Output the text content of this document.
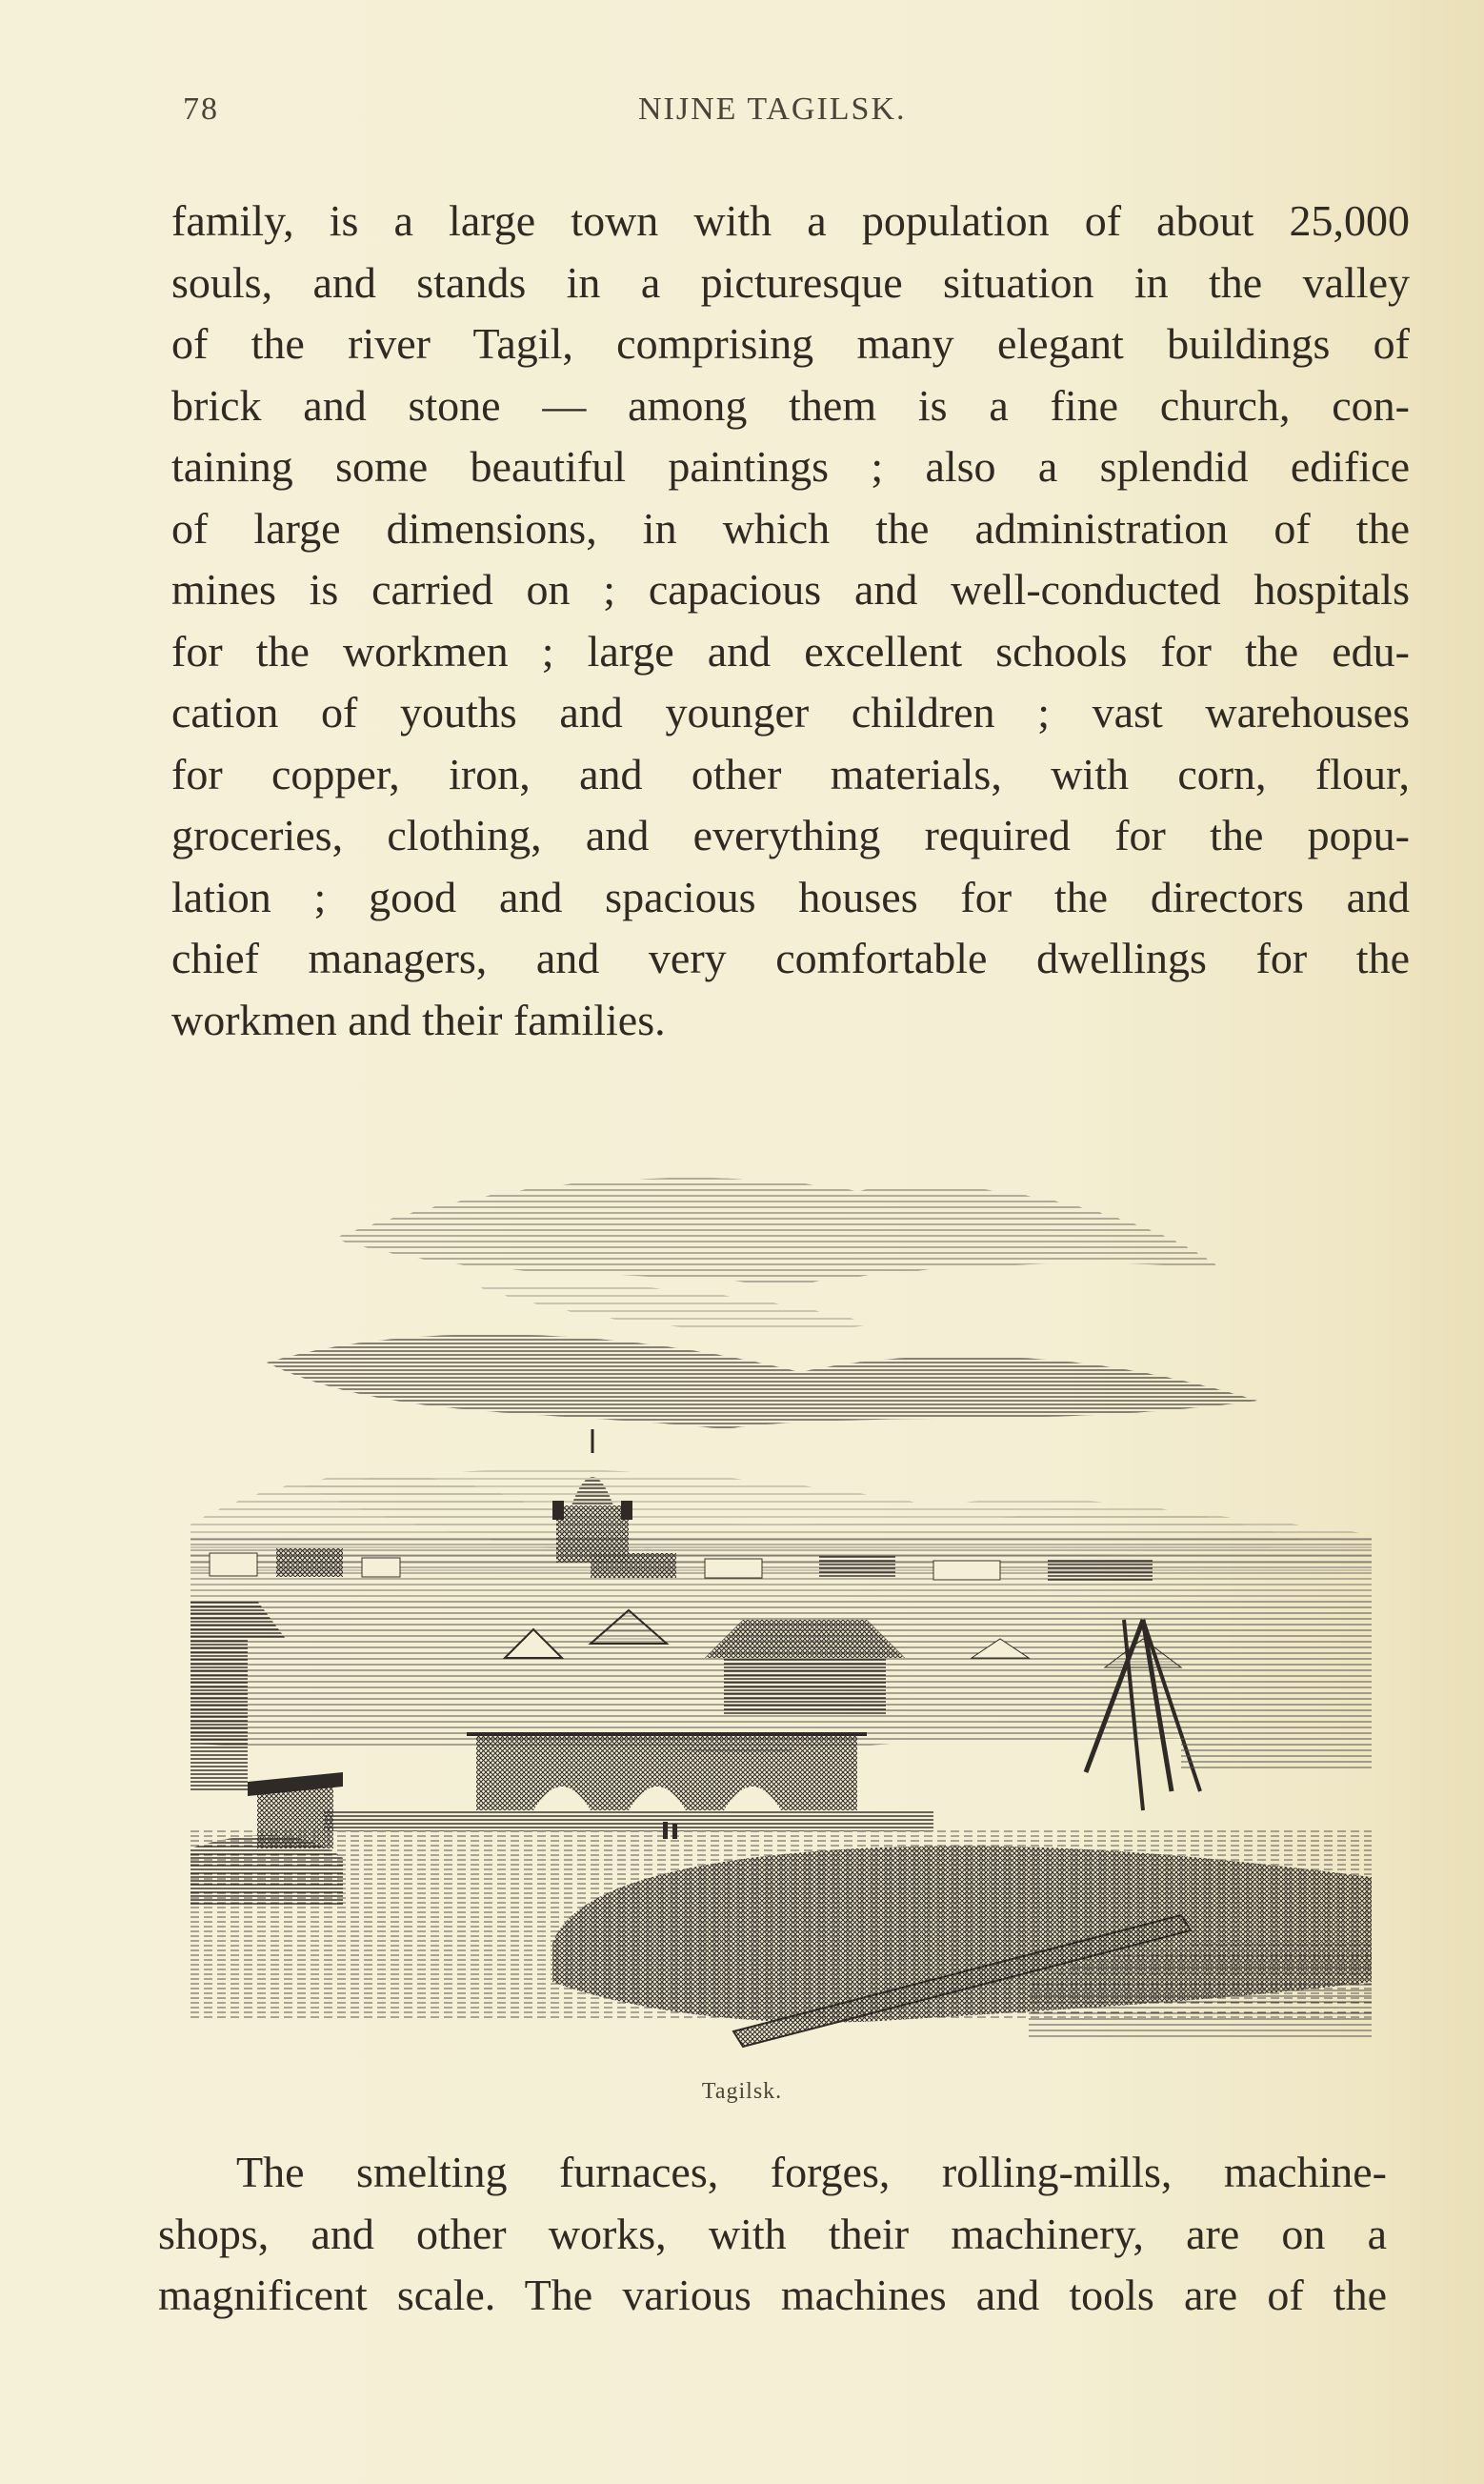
78	NIJNE TAGILSK.
family, is a large town with a population of about 25,000
souls, and stands in a picturesque situation in the valley
of the river Tagil, comprising many elegant buildings of
brick and stone — among them is a fine church, con-
taining some beautiful paintings ; also a splendid edifice
of large dimensions, in which the administration of the
mines is carried on ; capacious and well-conducted hospitals
for the workmen ; large and excellent schools for the edu-
cation of youths and younger children ; vast warehouses
for copper, iron, and other materials, with corn, flour,
groceries, clothing, and everything required for the popu-
lation ; good and spacious houses for the directors and
chief managers, and very comfortable dwellings for the
workmen and their families.
Tagilsk.
The smelting furnaces, forges, rolling-mills, machine-
shops, and other works, with their machinery, are on a
magnificent scale. The various machines and tools are of the
